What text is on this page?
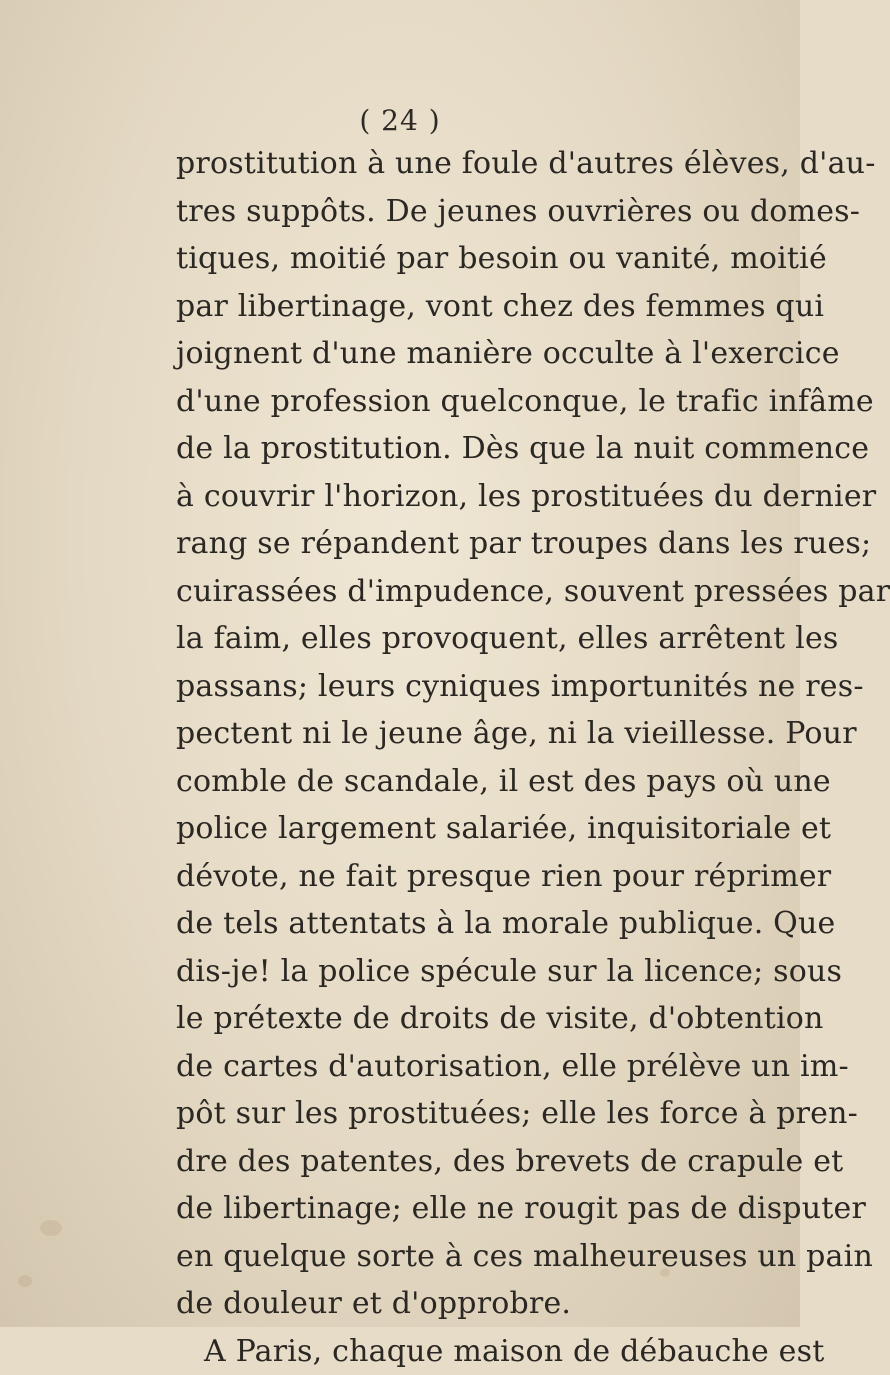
( 24 )
prostitution à une foule d'autres élèves, d'au-
tres suppôts. De jeunes ouvrières ou domes-
tiques, moitié par besoin ou vanité, moitié
par libertinage, vont chez des femmes qui
joignent d'une manière occulte à l'exercice
d'une profession quelconque, le trafic infâme
de la prostitution. Dès que la nuit commence
à couvrir l'horizon, les prostituées du dernier
rang se répandent par troupes dans les rues;
cuirassées d'impudence, souvent pressées par
la faim, elles provoquent, elles arrêtent les
passans; leurs cyniques importunités ne res-
pectent ni le jeune âge, ni la vieillesse. Pour
comble de scandale, il est des pays où une
police largement salariée, inquisitoriale et
dévote, ne fait presque rien pour réprimer
de tels attentats à la morale publique. Que
dis-je! la police spécule sur la licence; sous
le prétexte de droits de visite, d'obtention
de cartes d'autorisation, elle prélève un im-
pôt sur les prostituées; elle les force à pren-
dre des patentes, des brevets de crapule et
de libertinage; elle ne rougit pas de disputer
en quelque sorte à ces malheureuses un pain
de douleur et d'opprobre.
A Paris, chaque maison de débauche est
